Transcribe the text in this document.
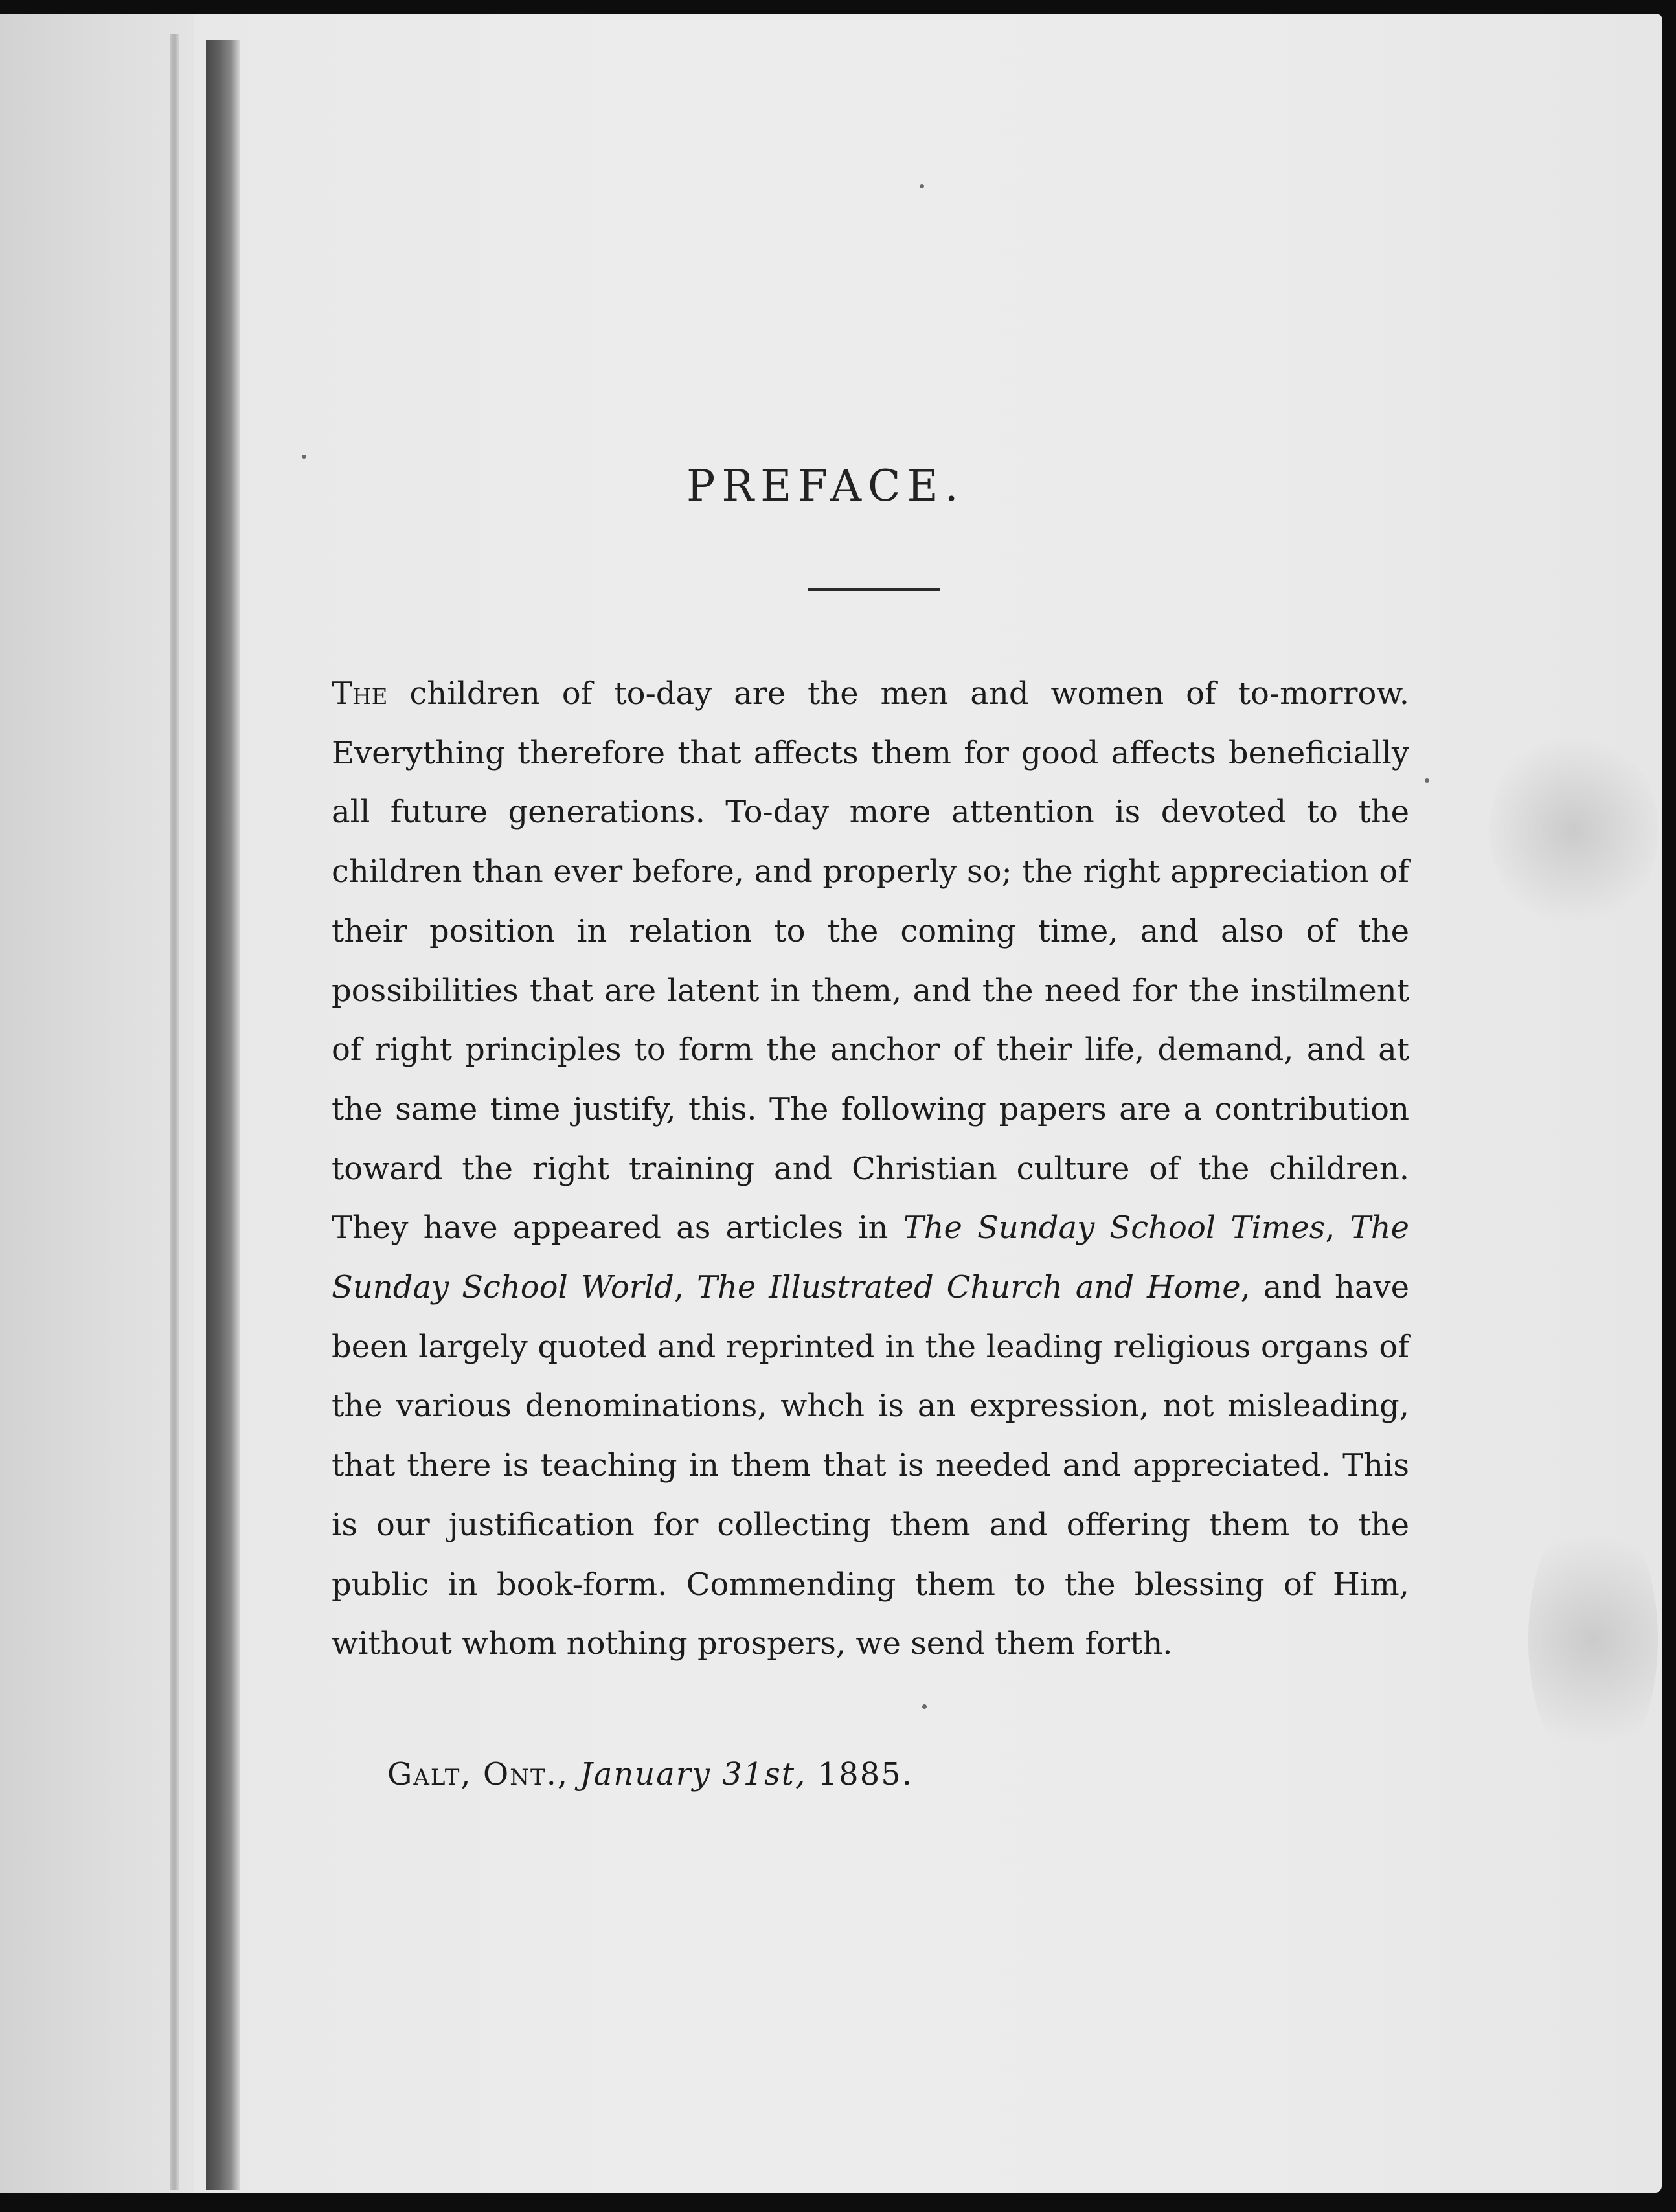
PREFACE.

The children of to-day are the men and women of to-morrow. Everything therefore that affects them for good affects beneficially all future generations. To-day more attention is devoted to the children than ever before, and properly so; the right appreciation of their position in relation to the coming time, and also of the possibilities that are latent in them, and the need for the instilment of right principles to form the anchor of their life, demand, and at the same time justify, this. The following papers are a contribution toward the right training and Christian culture of the children. They have appeared as articles in The Sunday School Times, The Sunday School World, The Illustrated Church and Home, and have been largely quoted and reprinted in the leading religious organs of the various denominations, whch is an expression, not misleading, that there is teaching in them that is needed and appreciated. This is our justification for collecting them and offering them to the public in book-form. Commending them to the blessing of Him, without whom nothing prospers, we send them forth.

Galt, Ont., January 31st, 1885.
